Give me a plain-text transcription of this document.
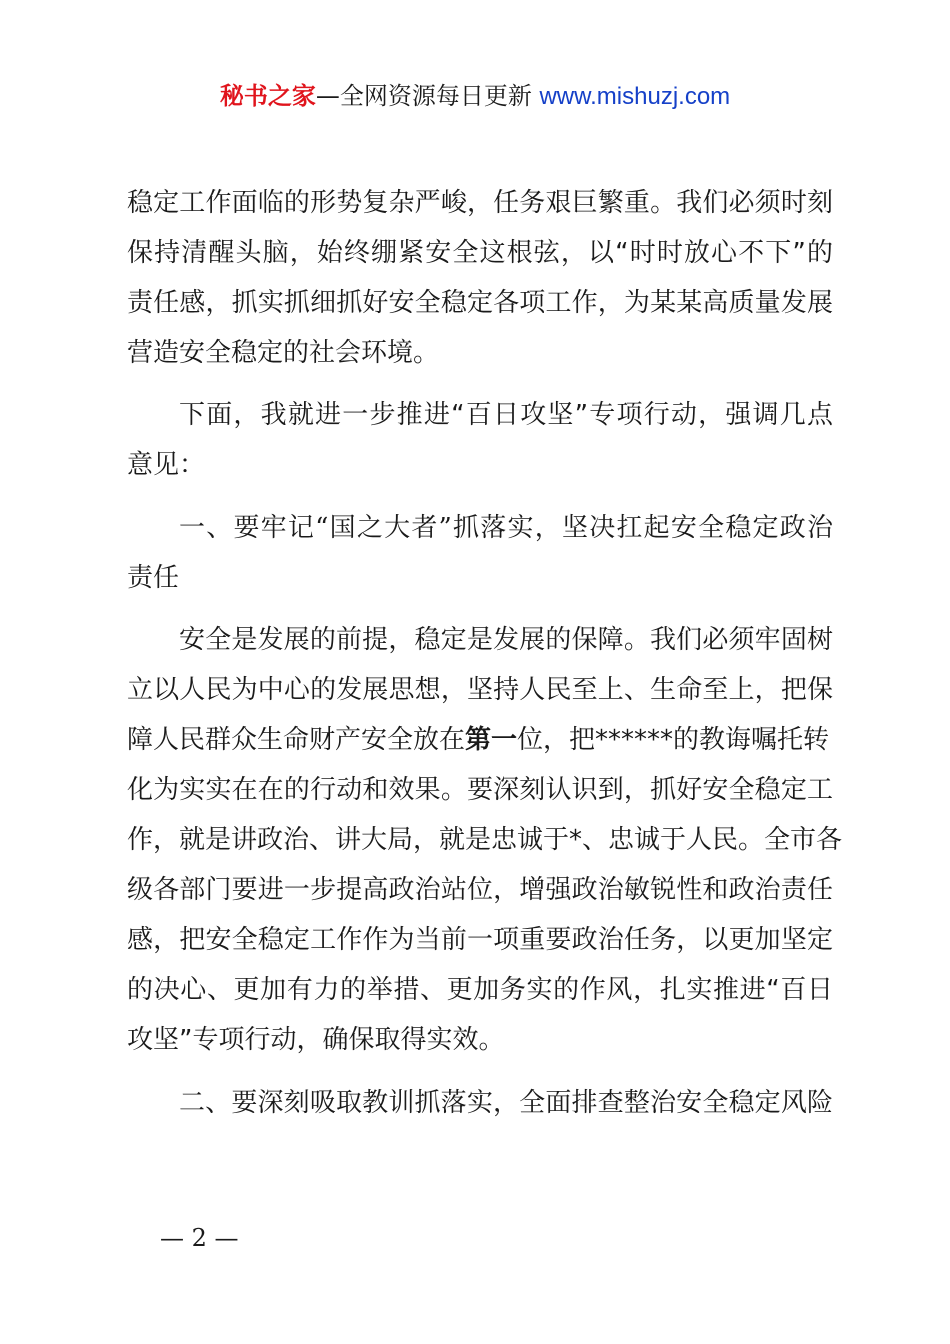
秘书之家—全网资源每日更新 www.mishuzj.com
稳定工作面临的形势复杂严峻，任务艰巨繁重。我们必须时刻
保持清醒头脑，始终绷紧安全这根弦，以“时时放心不下”的
责任感，抓实抓细抓好安全稳定各项工作，为某某高质量发展
营造安全稳定的社会环境。
下面，我就进一步推进“百日攻坚”专项行动，强调几点
意见：
一、要牢记“国之大者”抓落实，坚决扛起安全稳定政治
责任
安全是发展的前提，稳定是发展的保障。我们必须牢固树
立以人民为中心的发展思想，坚持人民至上、生命至上，把保
障人民群众生命财产安全放在第一位，把******的教诲嘱托转
化为实实在在的行动和效果。要深刻认识到，抓好安全稳定工
作，就是讲政治、讲大局，就是忠诚于*、忠诚于人民。全市各
级各部门要进一步提高政治站位，增强政治敏锐性和政治责任
感，把安全稳定工作作为当前一项重要政治任务，以更加坚定
的决心、更加有力的举措、更加务实的作风，扎实推进“百日
攻坚”专项行动，确保取得实效。
二、要深刻吸取教训抓落实，全面排查整治安全稳定风险
— 2 —
